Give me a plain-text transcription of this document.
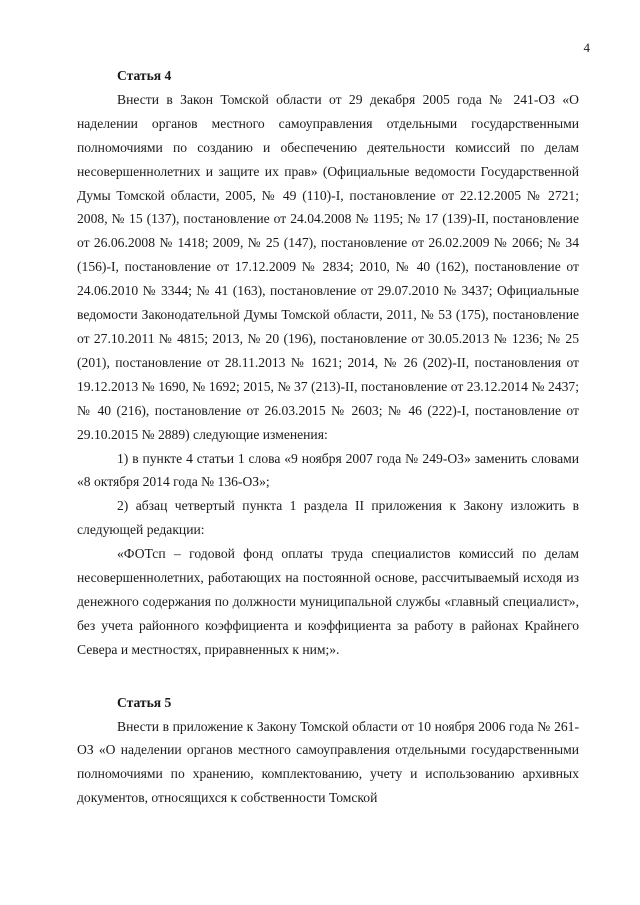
4

Статья 4

Внести в Закон Томской области от 29 декабря 2005 года № 241-ОЗ «О наделении органов местного самоуправления отдельными государственными полномочиями по созданию и обеспечению деятельности комиссий по делам несовершеннолетних и защите их прав» (Официальные ведомости Государственной Думы Томской области, 2005, № 49 (110)-I, постановление от 22.12.2005 № 2721; 2008, № 15 (137), постановление от 24.04.2008 № 1195; № 17 (139)-II, постановление от 26.06.2008 № 1418; 2009, № 25 (147), постановление от 26.02.2009 № 2066; № 34 (156)-I, постановление от 17.12.2009 № 2834; 2010, № 40 (162), постановление от 24.06.2010 № 3344; № 41 (163), постановление от 29.07.2010 № 3437; Официальные ведомости Законодательной Думы Томской области, 2011, № 53 (175), постановление от 27.10.2011 № 4815; 2013, № 20 (196), постановление от 30.05.2013 № 1236; № 25 (201), постановление от 28.11.2013 № 1621; 2014, № 26 (202)-II, постановления от 19.12.2013 № 1690, № 1692; 2015, № 37 (213)-II, постановление от 23.12.2014 № 2437; № 40 (216), постановление от 26.03.2015 № 2603; № 46 (222)-I, постановление от 29.10.2015 № 2889) следующие изменения:

1) в пункте 4 статьи 1 слова «9 ноября 2007 года № 249-ОЗ» заменить словами «8 октября 2014 года № 136-ОЗ»;

2) абзац четвертый пункта 1 раздела II приложения к Закону изложить в следующей редакции:

«ФОТсп – годовой фонд оплаты труда специалистов комиссий по делам несовершеннолетних, работающих на постоянной основе, рассчитываемый исходя из денежного содержания по должности муниципальной службы «главный специалист», без учета районного коэффициента и коэффициента за работу в районах Крайнего Севера и местностях, приравненных к ним;».

Статья 5

Внести в приложение к Закону Томской области от 10 ноября 2006 года № 261-ОЗ «О наделении органов местного самоуправления отдельными государственными полномочиями по хранению, комплектованию, учету и использованию архивных документов, относящихся к собственности Томской
